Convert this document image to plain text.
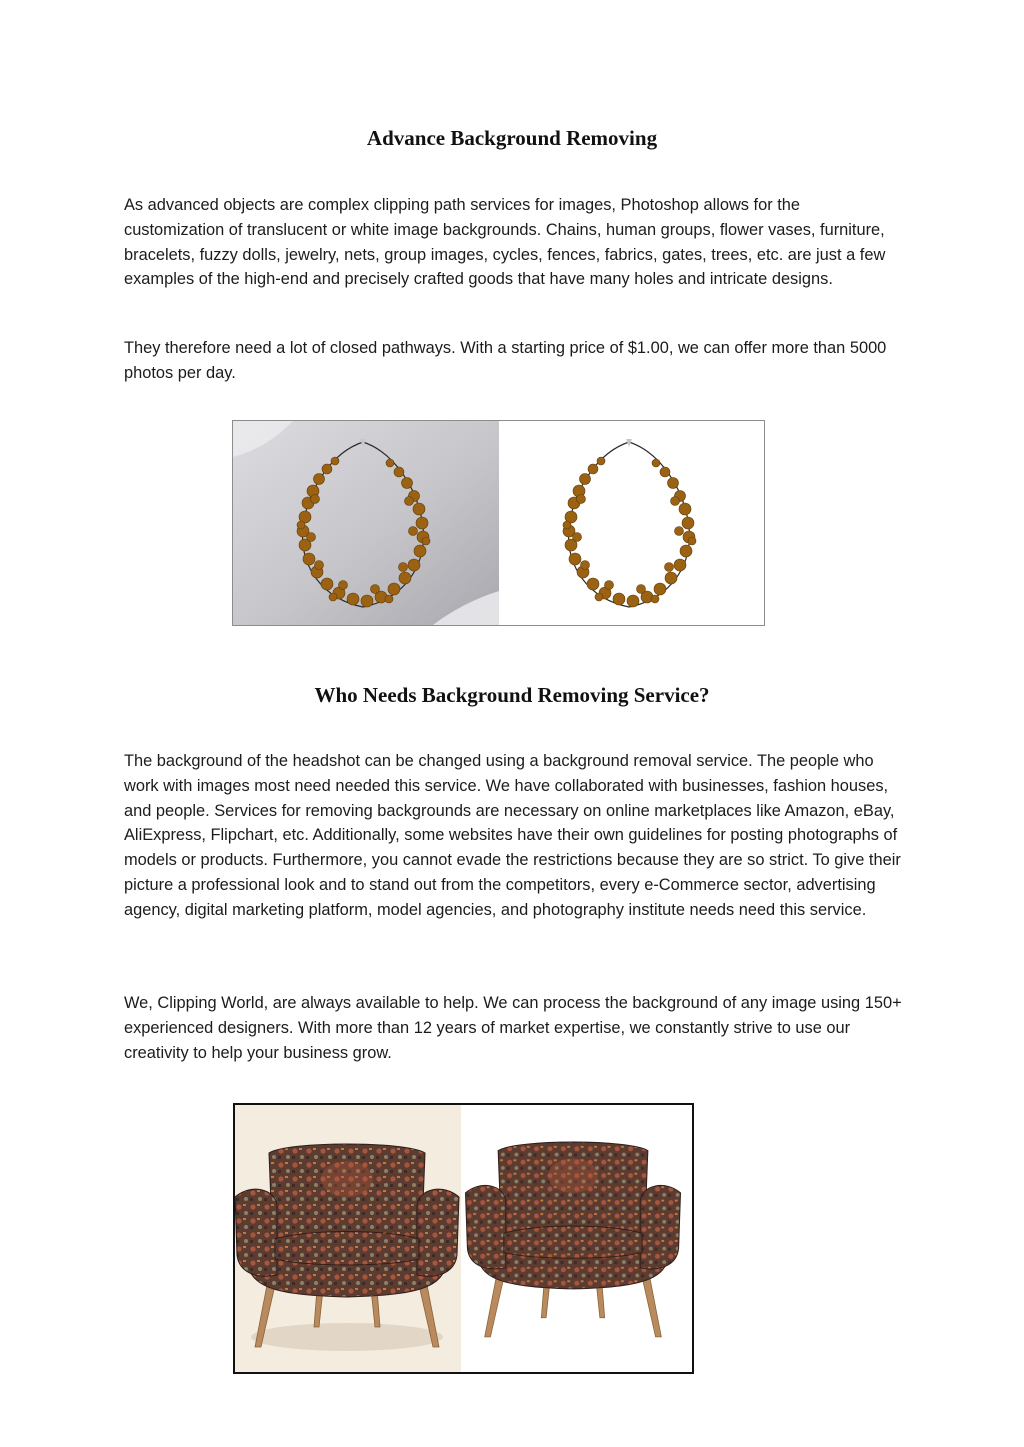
Advance Background Removing

As advanced objects are complex clipping path services for images, Photoshop allows for the customization of translucent or white image backgrounds. Chains, human groups, flower vases, furniture, bracelets, fuzzy dolls, jewelry, nets, group images, cycles, fences, fabrics, gates, trees, etc. are just a few examples of the high-end and precisely crafted goods that have many holes and intricate designs.

They therefore need a lot of closed pathways. With a starting price of $1.00, we can offer more than 5000 photos per day.

Who Needs Background Removing Service?

The background of the headshot can be changed using a background removal service. The people who work with images most need needed this service. We have collaborated with businesses, fashion houses, and people. Services for removing backgrounds are necessary on online marketplaces like Amazon, eBay, AliExpress, Flipchart, etc. Additionally, some websites have their own guidelines for posting photographs of models or products. Furthermore, you cannot evade the restrictions because they are so strict. To give their picture a professional look and to stand out from the competitors, every e-Commerce sector, advertising agency, digital marketing platform, model agencies, and photography institute needs need this service.

We, Clipping World, are always available to help. We can process the background of any image using 150+ experienced designers. With more than 12 years of market expertise, we constantly strive to use our creativity to help your business grow.
